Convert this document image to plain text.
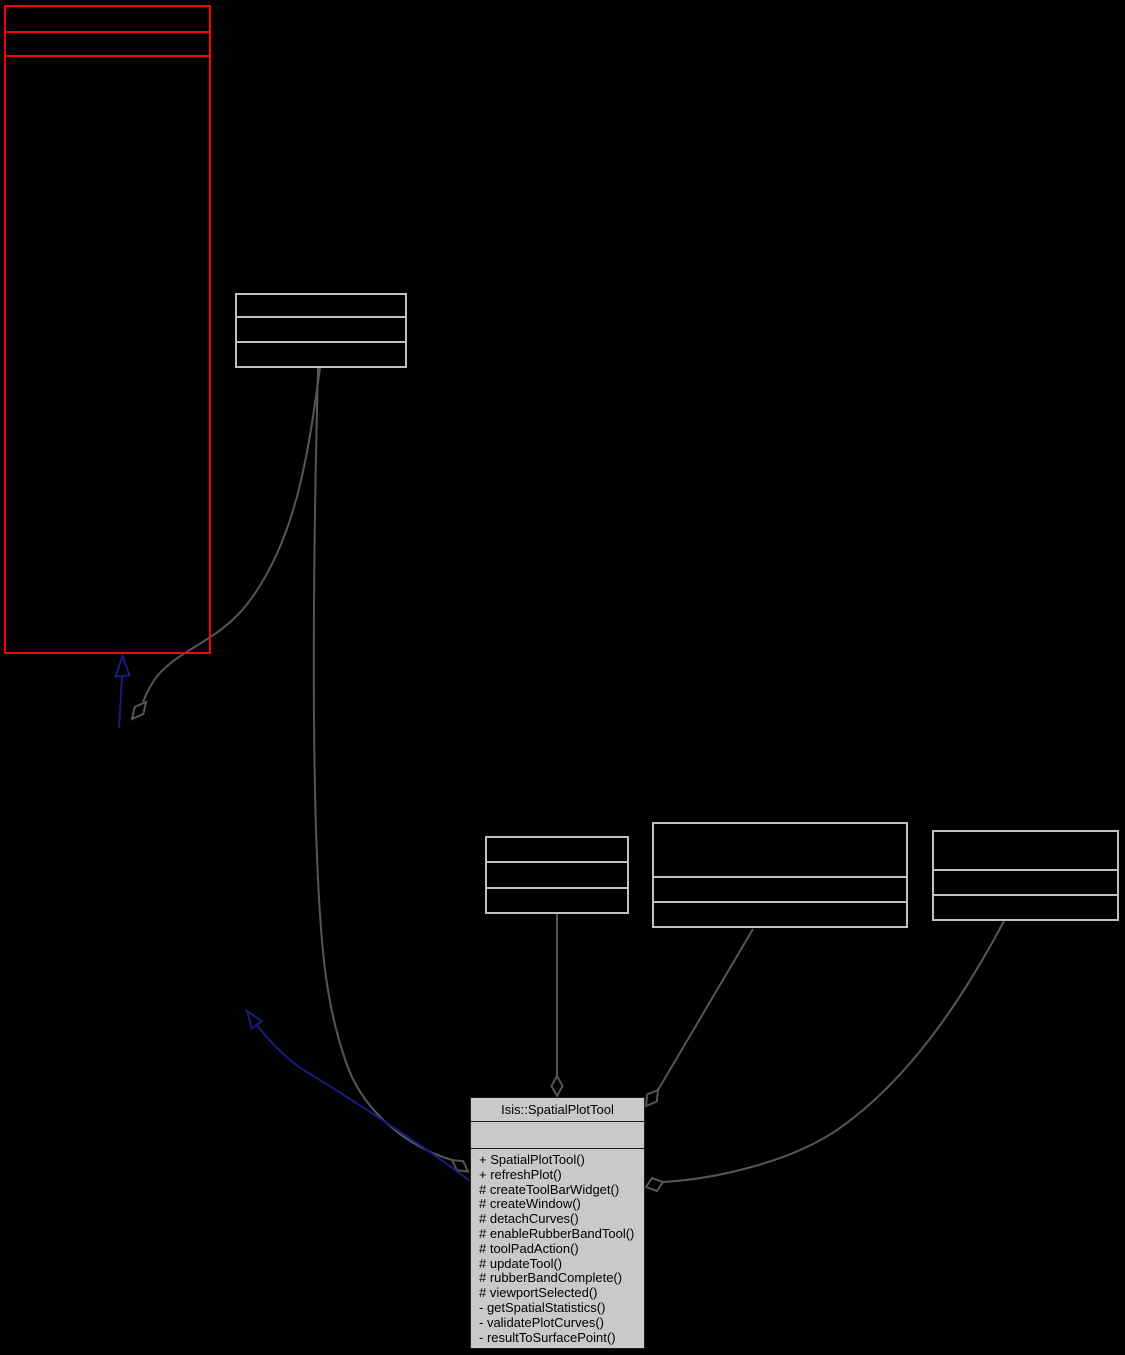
Isis::SpatialPlotTool
+ SpatialPlotTool()
+ refreshPlot()
# createToolBarWidget()
# createWindow()
# detachCurves()
# enableRubberBandTool()
# toolPadAction()
# updateTool()
# rubberBandComplete()
# viewportSelected()
- getSpatialStatistics()
- validatePlotCurves()
- resultToSurfacePoint()
